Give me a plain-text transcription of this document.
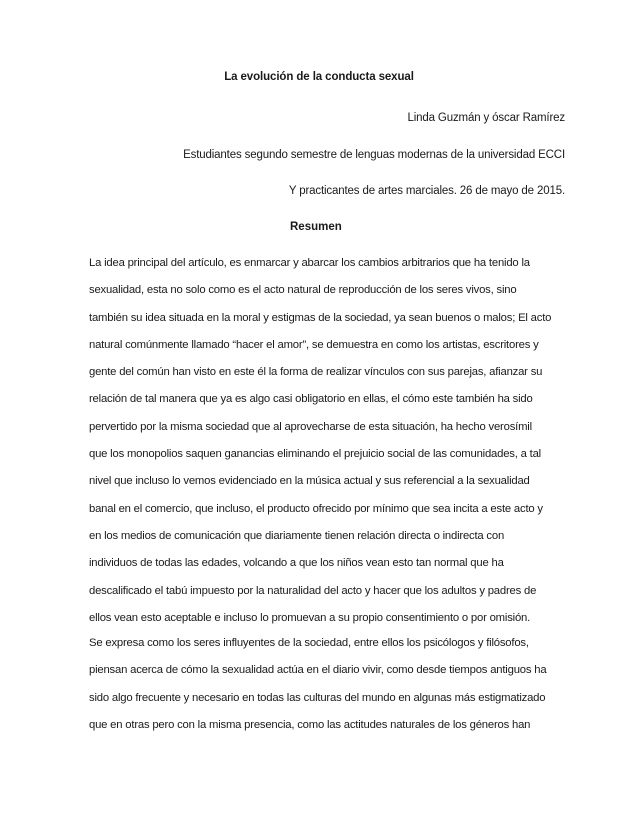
La evolución de la conducta sexual
Linda Guzmán y óscar Ramírez
Estudiantes segundo semestre de lenguas modernas de la universidad ECCI
Y practicantes de artes marciales. 26 de mayo de 2015.
Resumen
La idea principal del artículo, es enmarcar y abarcar los cambios arbitrarios que ha tenido la
sexualidad, esta no solo como es el acto natural de reproducción de los seres vivos, sino
también su idea situada en la moral y estigmas de la sociedad, ya sean buenos o malos; El acto
natural comúnmente llamado “hacer el amor”, se demuestra en como los artistas, escritores y
gente del común han visto en este él la forma de realizar vínculos con sus parejas, afianzar su
relación de tal manera que ya es algo casi obligatorio en ellas, el cómo este también ha sido
pervertido por la misma sociedad que al aprovecharse de esta situación, ha hecho verosímil
que los monopolios saquen ganancias eliminando el prejuicio social de las comunidades, a tal
nivel que incluso lo vemos evidenciado en la música actual y sus referencial a la sexualidad
banal en el comercio, que incluso, el producto ofrecido por mínimo que sea incita a este acto y
en los medios de comunicación que diariamente tienen relación directa o indirecta con
individuos de todas las edades, volcando a que los niños vean esto tan normal que ha
descalificado el tabú impuesto por la naturalidad del acto y hacer que los adultos y padres de
ellos vean esto aceptable e incluso lo promuevan a su propio consentimiento o por omisión.
Se expresa como los seres influyentes de la sociedad, entre ellos los psicólogos y filósofos,
piensan acerca de cómo la sexualidad actúa en el diario vivir, como desde tiempos antiguos ha
sido algo frecuente y necesario en todas las culturas del mundo en algunas más estigmatizado
que en otras pero con la misma presencia, como las actitudes naturales de los géneros han
